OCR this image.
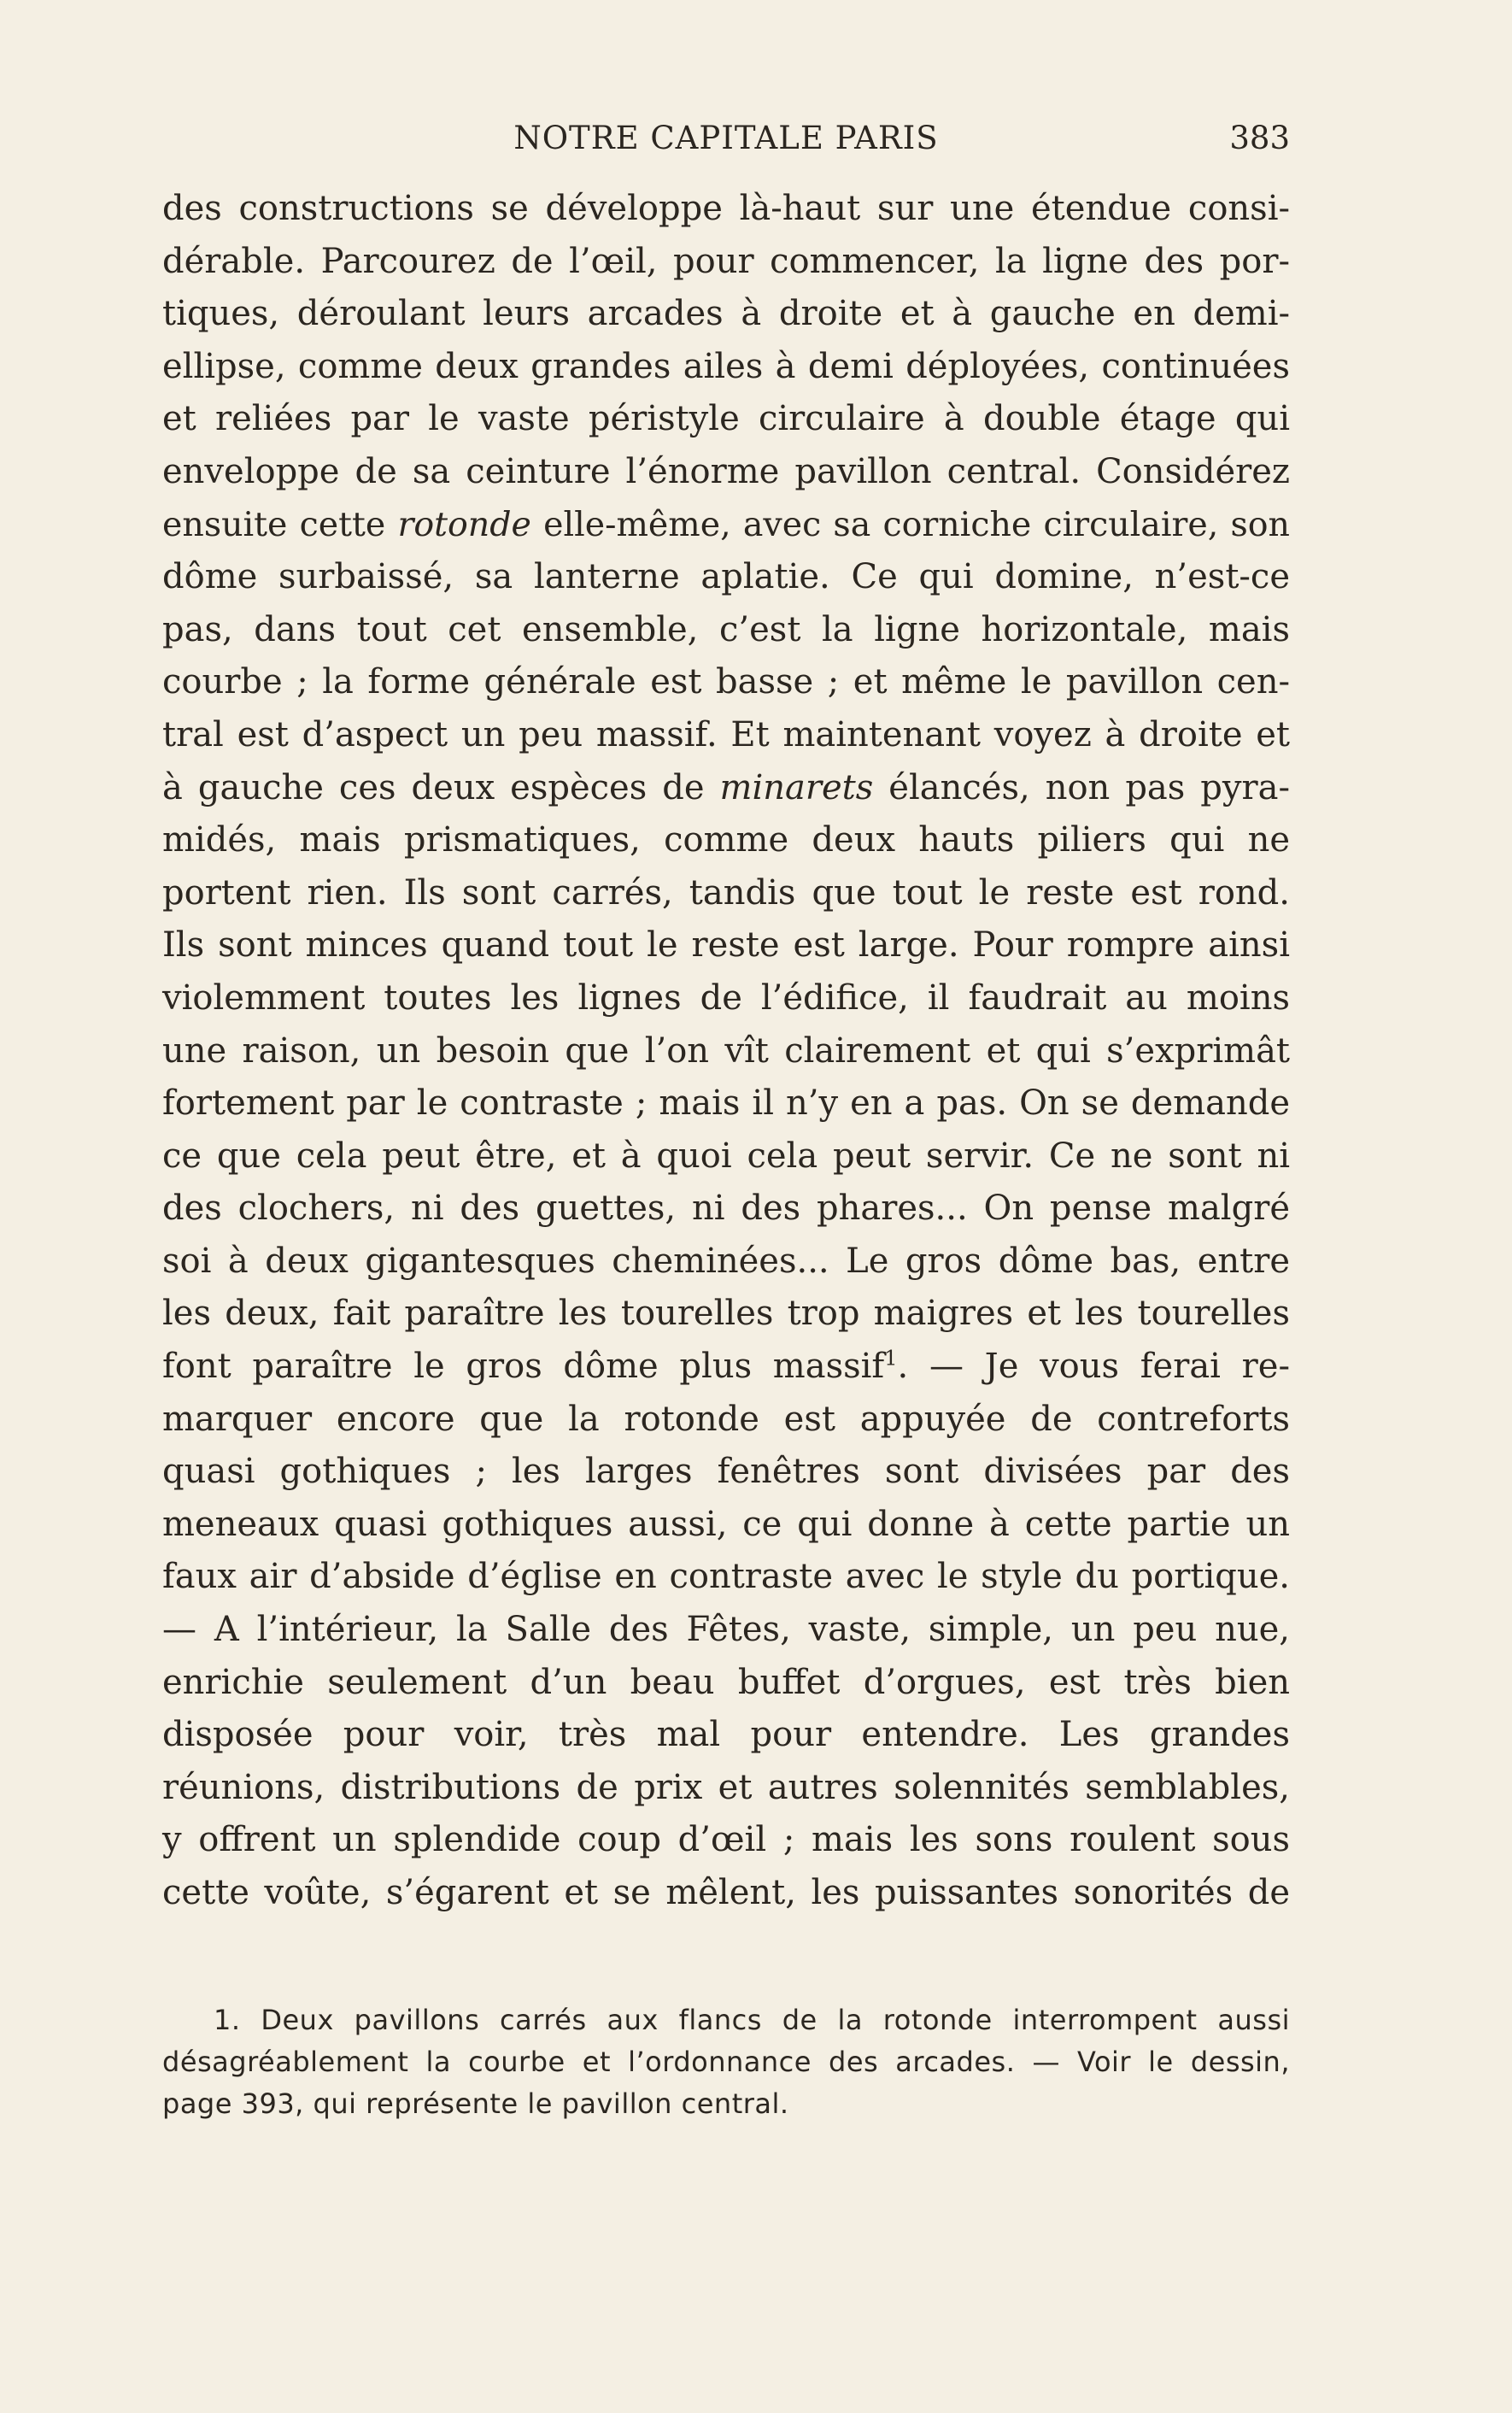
NOTRE CAPITALE PARIS	383
des constructions se développe là-haut sur une étendue consi-
dérable. Parcourez de l’œil, pour commencer, la ligne des por-
tiques, déroulant leurs arcades à droite et à gauche en demi-
ellipse, comme deux grandes ailes à demi déployées, continuées
et reliées par le vaste péristyle circulaire à double étage qui
enveloppe de sa ceinture l’énorme pavillon central. Considérez
ensuite cette rotonde elle-même, avec sa corniche circulaire, son
dôme surbaissé, sa lanterne aplatie. Ce qui domine, n’est-ce
pas, dans tout cet ensemble, c’est la ligne horizontale, mais
courbe ; la forme générale est basse ; et même le pavillon cen-
tral est d’aspect un peu massif. Et maintenant voyez à droite et
à gauche ces deux espèces de minarets élancés, non pas pyra-
midés, mais prismatiques, comme deux hauts piliers qui ne
portent rien. Ils sont carrés, tandis que tout le reste est rond.
Ils sont minces quand tout le reste est large. Pour rompre ainsi
violemment toutes les lignes de l’édifice, il faudrait au moins
une raison, un besoin que l’on vît clairement et qui s’exprimât
fortement par le contraste ; mais il n’y en a pas. On se demande
ce que cela peut être, et à quoi cela peut servir. Ce ne sont ni
des clochers, ni des guettes, ni des phares... On pense malgré
soi à deux gigantesques cheminées... Le gros dôme bas, entre
les deux, fait paraître les tourelles trop maigres et les tourelles
font paraître le gros dôme plus massif$^1$. — Je vous ferai re-
marquer encore que la rotonde est appuyée de contreforts
quasi gothiques ; les larges fenêtres sont divisées par des
meneaux quasi gothiques aussi, ce qui donne à cette partie un
faux air d’abside d’église en contraste avec le style du portique.
— A l’intérieur, la Salle des Fêtes, vaste, simple, un peu nue,
enrichie seulement d’un beau buffet d’orgues, est très bien
disposée pour voir, très mal pour entendre. Les grandes
réunions, distributions de prix et autres solennités semblables,
y offrent un splendide coup d’œil ; mais les sons roulent sous
cette voûte, s’égarent et se mêlent, les puissantes sonorités de
1. Deux pavillons carrés aux flancs de la rotonde interrompent aussi
désagréablement la courbe et l’ordonnance des arcades. — Voir le dessin,
page 393, qui représente le pavillon central.
